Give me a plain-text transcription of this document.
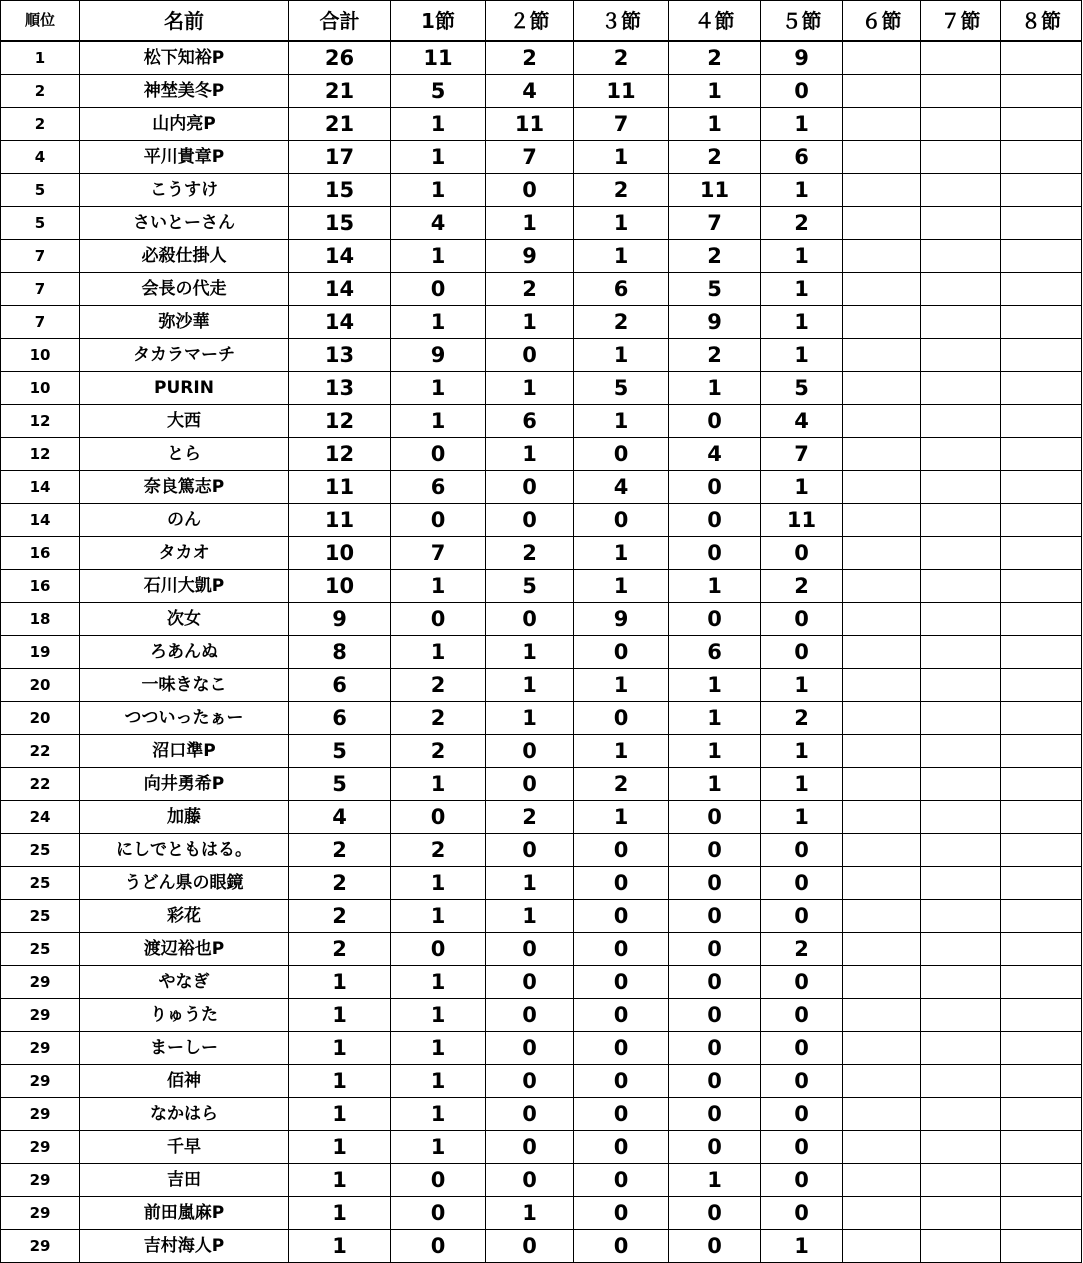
順位	名前	合計	1節	２節	３節	４節	５節	６節	７節	８節
1	松下知裕P	26	11	2	2	2	9			
2	神埜美冬P	21	5	4	11	1	0			
2	山内亮P	21	1	11	7	1	1			
4	平川貴章P	17	1	7	1	2	6			
5	こうすけ	15	1	0	2	11	1			
5	さいとーさん	15	4	1	1	7	2			
7	必殺仕掛人	14	1	9	1	2	1			
7	会長の代走	14	0	2	6	5	1			
7	弥沙華	14	1	1	2	9	1			
10	タカラマーチ	13	9	0	1	2	1			
10	PURIN	13	1	1	5	1	5			
12	大西	12	1	6	1	0	4			
12	とら	12	0	1	0	4	7			
14	奈良篤志P	11	6	0	4	0	1			
14	のん	11	0	0	0	0	11			
16	タカオ	10	7	2	1	0	0			
16	石川大凱P	10	1	5	1	1	2			
18	次女	9	0	0	9	0	0			
19	ろあんぬ	8	1	1	0	6	0			
20	一味きなこ	6	2	1	1	1	1			
20	つついったぁー	6	2	1	0	1	2			
22	沼口準P	5	2	0	1	1	1			
22	向井勇希P	5	1	0	2	1	1			
24	加藤	4	0	2	1	0	1			
25	にしでともはる。	2	2	0	0	0	0			
25	うどん県の眼鏡	2	1	1	0	0	0			
25	彩花	2	1	1	0	0	0			
25	渡辺裕也P	2	0	0	0	0	2			
29	やなぎ	1	1	0	0	0	0			
29	りゅうた	1	1	0	0	0	0			
29	まーしー	1	1	0	0	0	0			
29	佰神	1	1	0	0	0	0			
29	なかはら	1	1	0	0	0	0			
29	千早	1	1	0	0	0	0			
29	吉田	1	0	0	0	1	0			
29	前田嵐麻P	1	0	1	0	0	0			
29	吉村海人P	1	0	0	0	0	1			
